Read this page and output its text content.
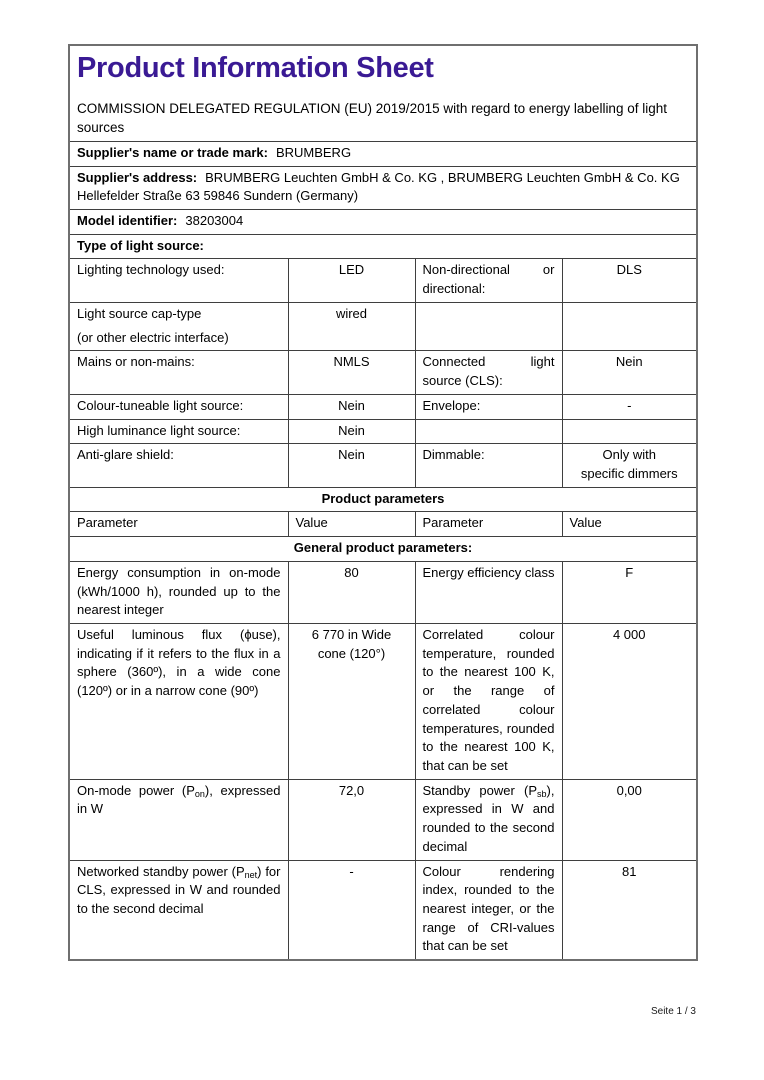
Product Information Sheet

COMMISSION DELEGATED REGULATION (EU) 2019/2015 with regard to energy labelling of light sources

Supplier's name or trade mark: BRUMBERG			
Supplier's address: BRUMBERG Leuchten GmbH & Co. KG , BRUMBERG Leuchten GmbH & Co. KG Hellefelder Straße 63 59846 Sundern (Germany)			
Model identifier: 38203004			
Type of light source:			
Lighting technology used:	LED	Non-directional or directional:	DLS

Light source cap-type
(or other electric interface)	wired		
Mains or non-mains:	NMLS	Connected light source (CLS):	Nein
Colour-tuneable light source:	Nein	Envelope:	-
High luminance light source:	Nein		
Anti-glare shield:	Nein	Dimmable:	Only with
specific dimmers

Product parameters			
Parameter	Value	Parameter	Value
General product parameters:			
Energy consumption in on-mode (kWh/1000 h), rounded up to the nearest integer	80	Energy efficiency class	F
Useful luminous flux (ϕuse), indicating if it refers to the flux in a sphere (360º), in a wide cone (120º) or in a narrow cone (90º)	6 770 in Wide
cone (120°)	Correlated colour temperature, rounded to the nearest 100 K, or the range of correlated colour temperatures, rounded to the nearest 100 K, that can be set	4 000
On-mode power $(P_{on})$, expressed in W	72,0	Standby power $(P_{sb})$, expressed in W and rounded to the second decimal	0,00
Networked standby power $(P_{net})$ for CLS, expressed in W and rounded to the second decimal	-	Colour rendering index, rounded to the nearest integer, or the range of CRI-values that can be set	81
Seite 1 / 3
